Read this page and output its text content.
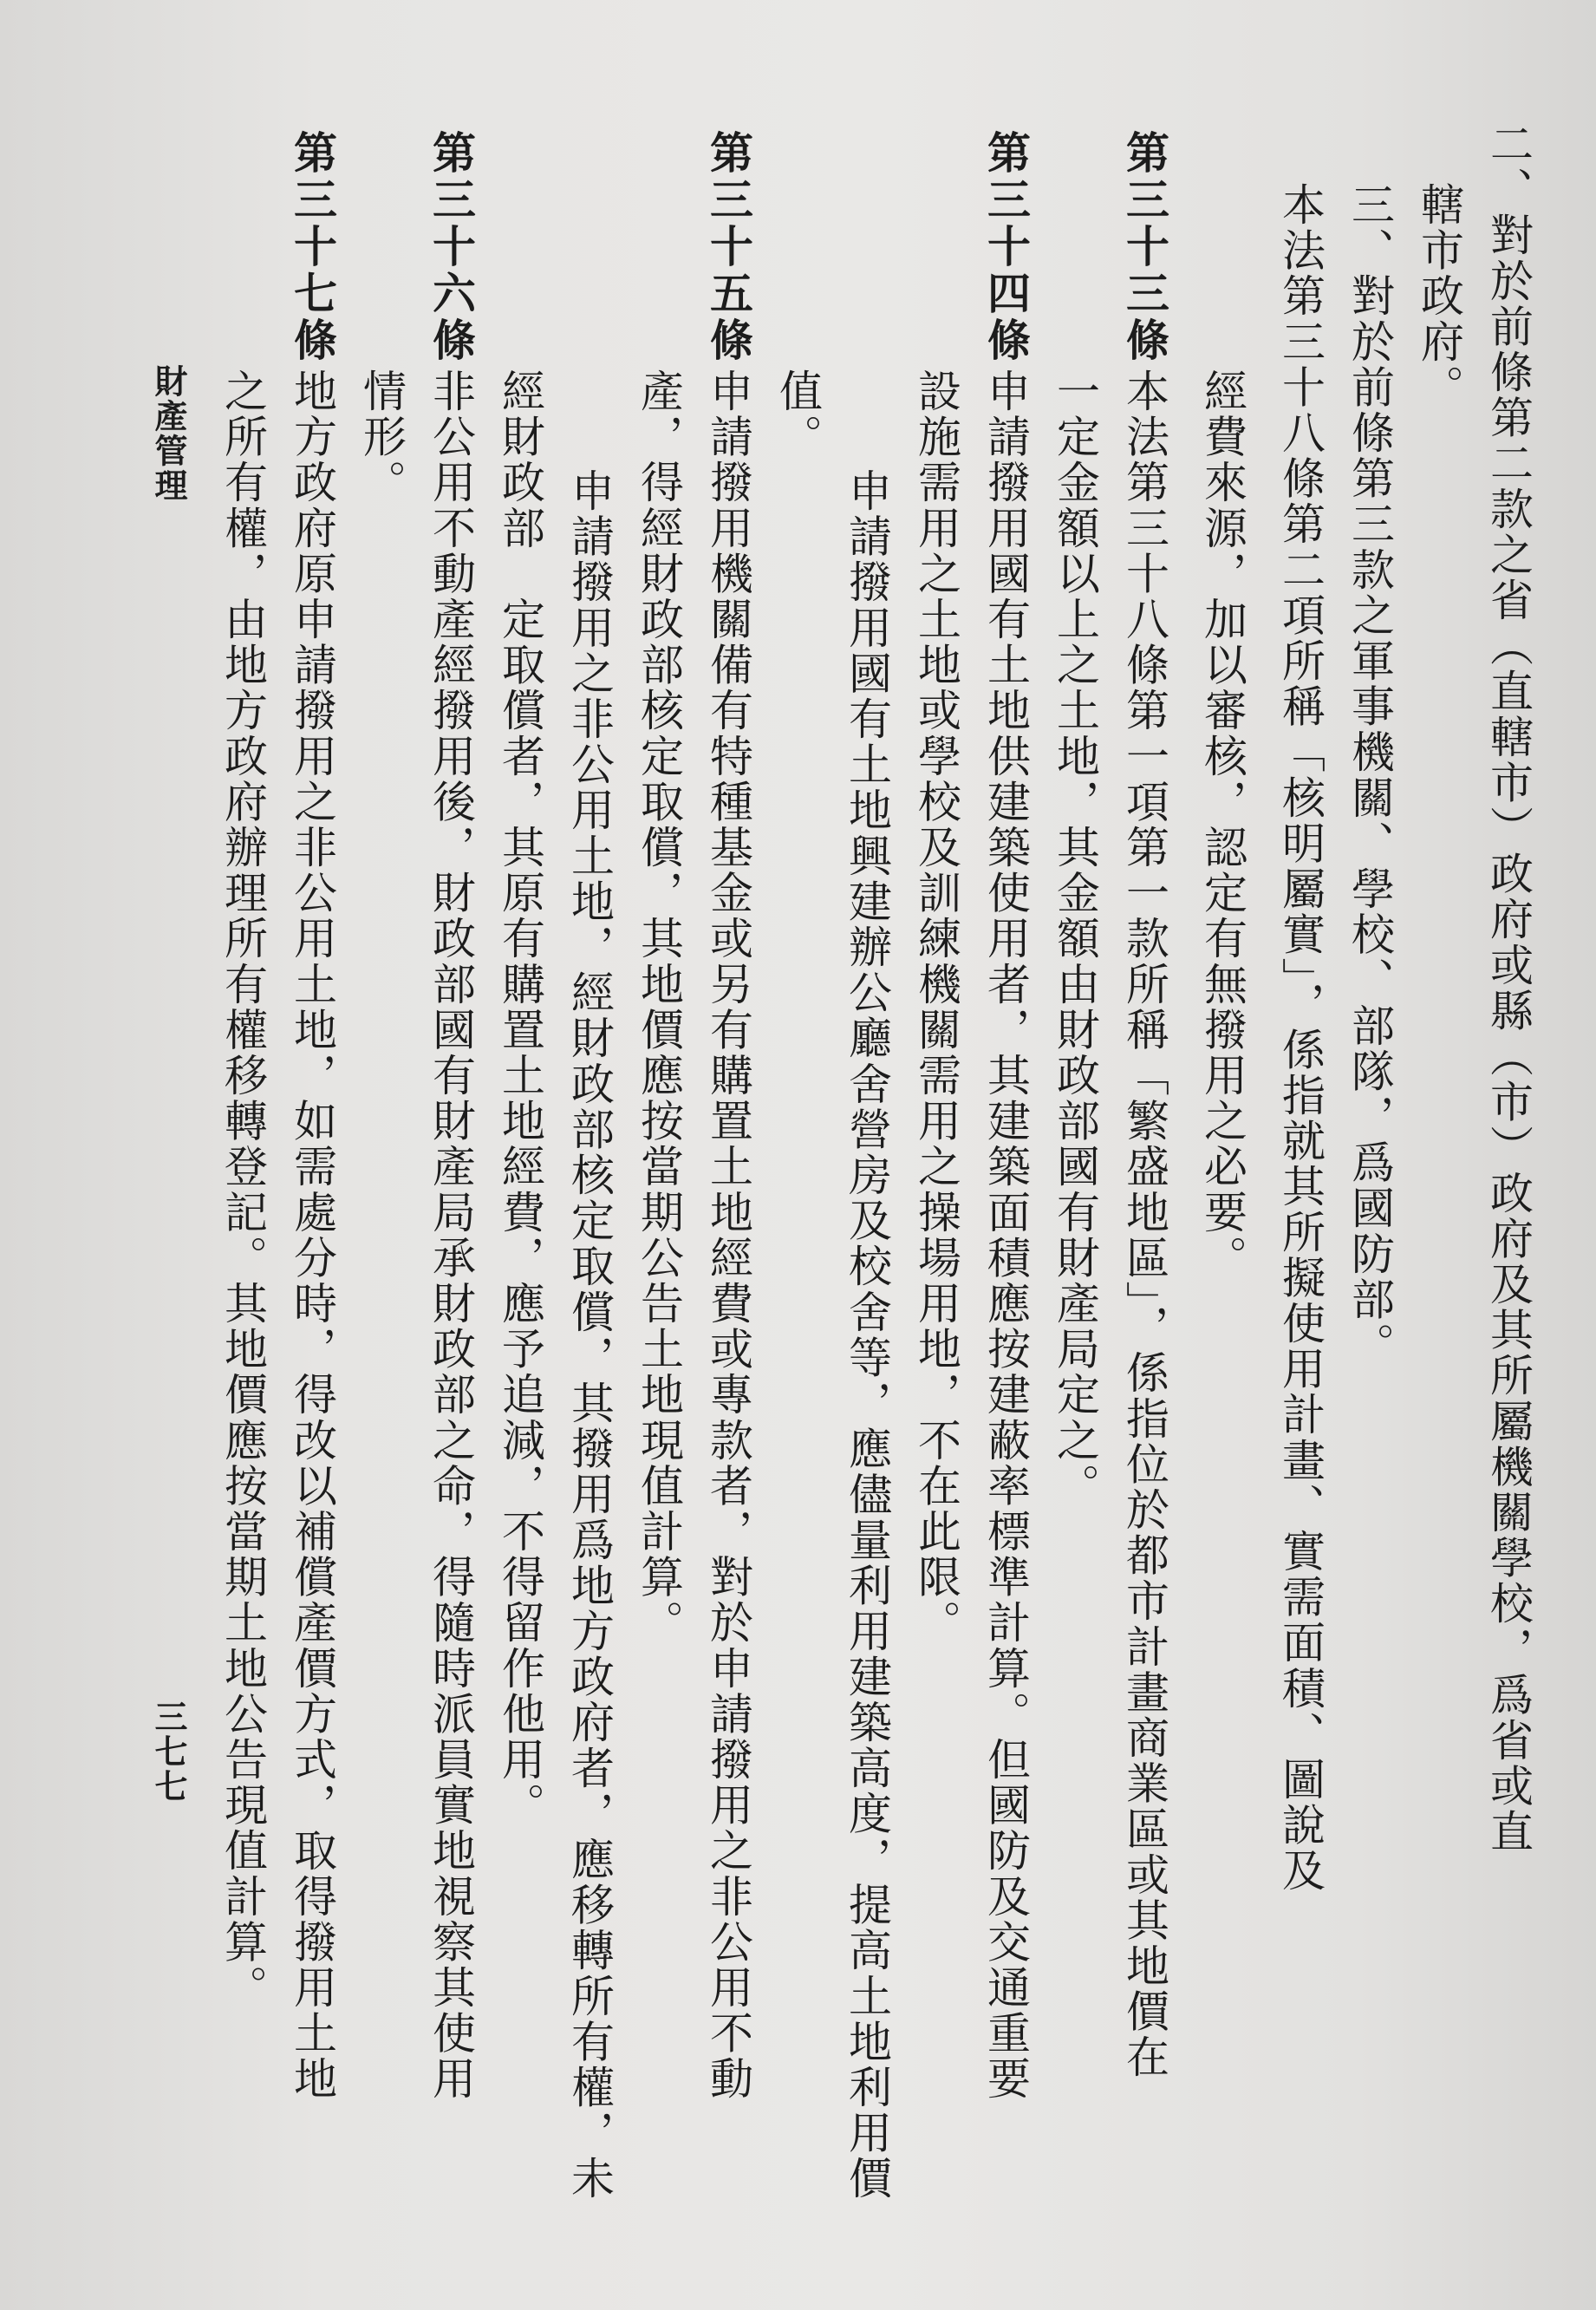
二、對於前條第二款之省（直轄市）政府或縣（市）政府及其所屬機關學校，爲省或直
轄市政府。
三、對於前條第三款之軍事機關、學校、部隊，爲國防部。
本法第三十八條第二項所稱「核明屬實」，係指就其所擬使用計畫、實需面積、圖說及
第三十三條
經費來源，加以審核，認定有無撥用之必要。
本法第三十八條第一項第一款所稱「繁盛地區」，係指位於都市計畫商業區或其地價在
一定金額以上之土地，其金額由財政部國有財產局定之。
第三十四條
申請撥用國有土地供建築使用者，其建築面積應按建蔽率標準計算。但國防及交通重要
設施需用之土地或學校及訓練機關需用之操場用地，不在此限。
申請撥用國有土地興建辦公廳舍營房及校舍等，應儘量利用建築高度，提高土地利用價
值。
第三十五條
申請撥用機關備有特種基金或另有購置土地經費或專款者，對於申請撥用之非公用不動
產，得經財政部核定取償，其地價應按當期公告土地現值計算。
申請撥用之非公用土地，經財政部核定取償，其撥用爲地方政府者，應移轉所有權，未
經財政部　定取償者，其原有購置土地經費，應予追減，不得留作他用。
第三十六條
非公用不動產經撥用後，財政部國有財產局承財政部之命，得隨時派員實地視察其使用
情形。
第三十七條
地方政府原申請撥用之非公用土地，如需處分時，得改以補償產價方式，取得撥用土地
之所有權，由地方政府辦理所有權移轉登記。其地價應按當期土地公告現值計算。
財產管理
三七七
